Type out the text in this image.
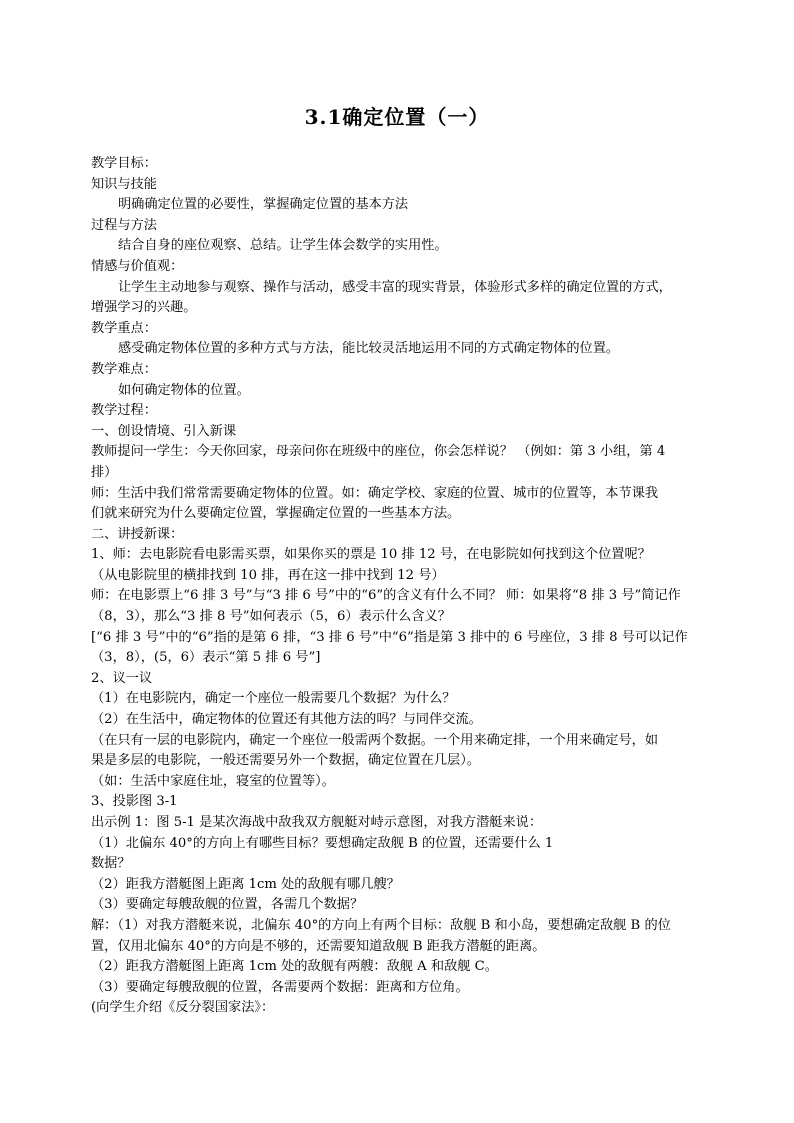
3.1确定位置（一）
教学目标：
知识与技能
明确确定位置的必要性，掌握确定位置的基本方法
过程与方法
结合自身的座位观察、总结。让学生体会数学的实用性。
情感与价值观：
让学生主动地参与观察、操作与活动，感受丰富的现实背景，体验形式多样的确定位置的方式，
增强学习的兴趣。
教学重点：
感受确定物体位置的多种方式与方法，能比较灵活地运用不同的方式确定物体的位置。
教学难点：
如何确定物体的位置。
教学过程：
一、创设情境、引入新课
教师提问一学生：今天你回家，母亲问你在班级中的座位，你会怎样说？ （例如：第 3 小组，第 4
排）
师：生活中我们常常需要确定物体的位置。如：确定学校、家庭的位置、城市的位置等，本节课我
们就来研究为什么要确定位置，掌握确定位置的一些基本方法。
二、讲授新课：
1、师：去电影院看电影需买票，如果你买的票是 10 排 12 号，在电影院如何找到这个位置呢？
（从电影院里的横排找到 10 排，再在这一排中找到 12 号）
师：在电影票上“6 排 3 号”与“3 排 6 号”中的“6”的含义有什么不同？ 师：如果将“8 排 3 号”简记作
（8，3），那么“3 排 8 号”如何表示（5，6）表示什么含义？
[“6 排 3 号”中的“6”指的是第 6 排，“3 排 6 号”中“6”指是第 3 排中的 6 号座位，3 排 8 号可以记作
（3，8），(5，6）表示“第 5 排 6 号”]
2、议一议
（1）在电影院内，确定一个座位一般需要几个数据？为什么？
（2）在生活中，确定物体的位置还有其他方法的吗？与同伴交流。
（在只有一层的电影院内，确定一个座位一般需两个数据。一个用来确定排，一个用来确定号，如
果是多层的电影院，一般还需要另外一个数据，确定位置在几层）。
（如：生活中家庭住址，寝室的位置等）。
3、投影图 3-1
出示例 1：图 5-1 是某次海战中敌我双方舰艇对峙示意图，对我方潜艇来说：
（1）北偏东 40°的方向上有哪些目标？要想确定敌舰 B 的位置，还需要什么 1
数据？
（2）距我方潜艇图上距离 1cm 处的敌舰有哪几艘？
（3）要确定每艘敌舰的位置，各需几个数据？
解：（1）对我方潜艇来说，北偏东 40°的方向上有两个目标：敌舰 B 和小岛，要想确定敌舰 B 的位
置，仅用北偏东 40°的方向是不够的，还需要知道敌舰 B 距我方潜艇的距离。
（2）距我方潜艇图上距离 1cm 处的敌舰有两艘：敌舰 A 和敌舰 C。
（3）要确定每艘敌舰的位置，各需要两个数据：距离和方位角。
(向学生介绍《反分裂国家法》：
